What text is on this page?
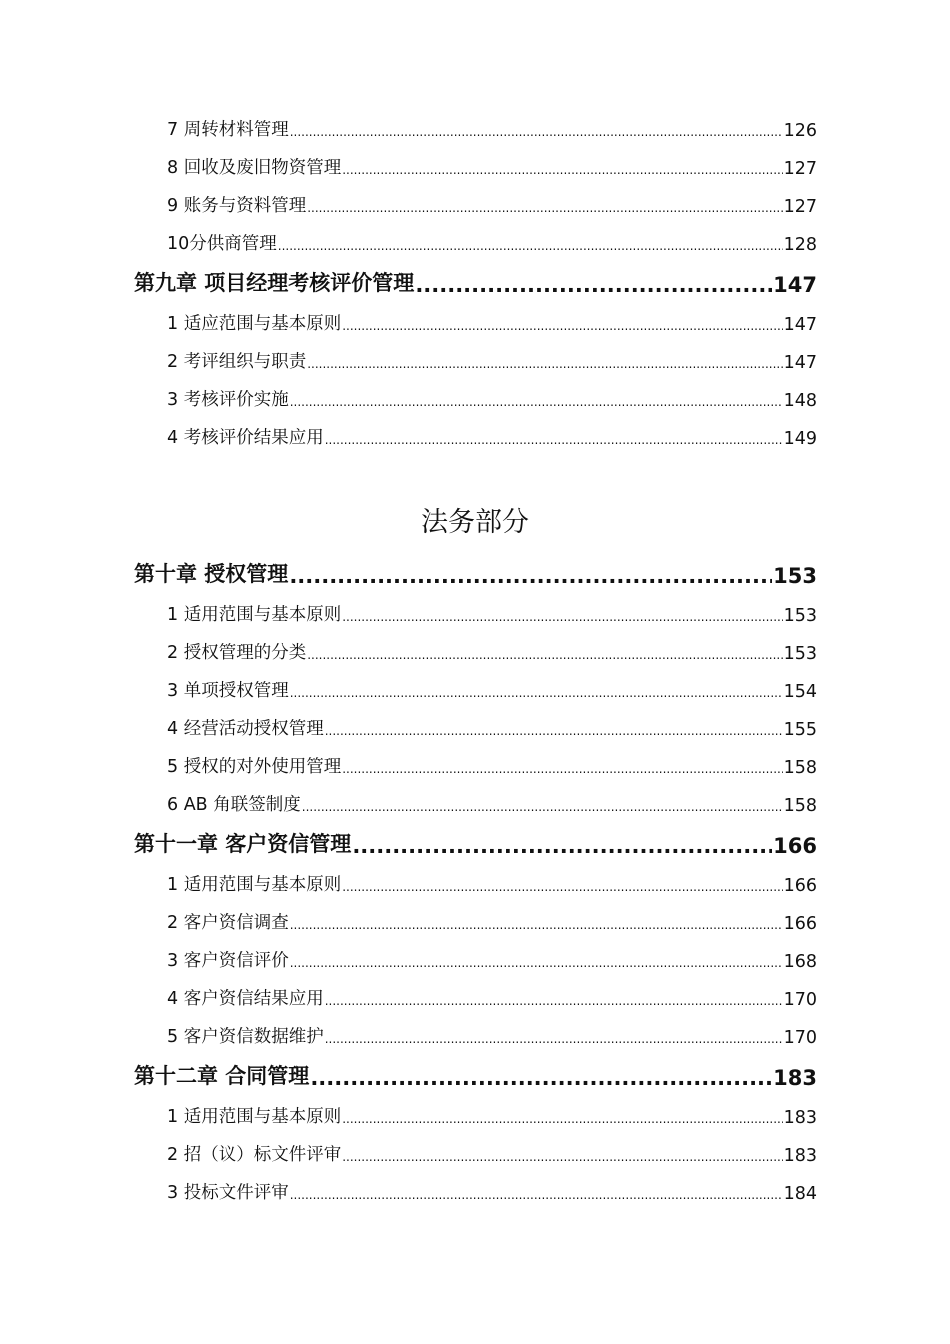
7 周转材料管理 .....	126
8 回收及废旧物资管理 .....	127
9 账务与资料管理 .....	127
10分供商管理 .....	128
第九章 项目经理考核评价管理 .....	147
1 适应范围与基本原则 .....	147
2 考评组织与职责 .....	147
3 考核评价实施 .....	148
4 考核评价结果应用 .....	149
法务部分
第十章 授权管理 .....	153
1 适用范围与基本原则 .....	153
2 授权管理的分类 .....	153
3 单项授权管理 .....	154
4 经营活动授权管理 .....	155
5 授权的对外使用管理 .....	158
6 AB 角联签制度 .....	158
第十一章 客户资信管理 .....	166
1 适用范围与基本原则 .....	166
2 客户资信调查 .....	166
3 客户资信评价 .....	168
4 客户资信结果应用 .....	170
5 客户资信数据维护 .....	170
第十二章 合同管理 .....	183
1 适用范围与基本原则 .....	183
2 招（议）标文件评审 .....	183
3 投标文件评审 .....	184
